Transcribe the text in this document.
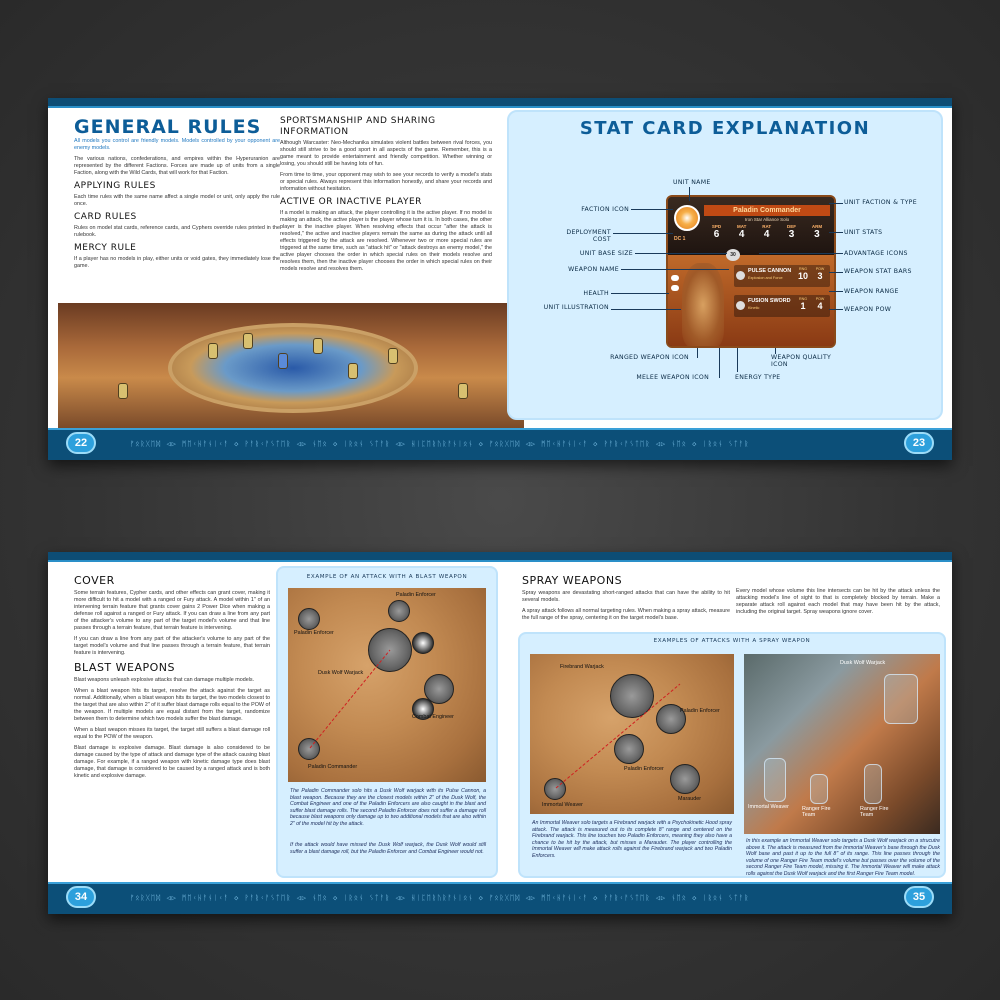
GENERAL RULES

All models you control are friendly models. Models controlled by your opponent are enemy models.

The various nations, confederations, and empires within the Hyperuranion are represented by the different Factions. Forces are made up of units from a single Faction, along with the Wild Cards, that will work for that Faction.

APPLYING RULES

Each time rules with the same name affect a single model or unit, only apply the rule once.

CARD RULES

Rules on model stat cards, reference cards, and Cyphers override rules printed in the rulebook.

MERCY RULE

If a player has no models in play, either units or void gates, they immediately lose the game.

SPORTSMANSHIP AND SHARING INFORMATION

Although Warcaster: Neo-Mechanika simulates violent battles between rival forces, you should still strive to be a good sport in all aspects of the game. Remember, this is a game meant to provide entertainment and friendly competition. Whether winning or losing, you should still be having lots of fun.

From time to time, your opponent may wish to see your records to verify a model's stats or special rules. Always represent this information honestly, and share your records and information without hesitation.

ACTIVE OR INACTIVE PLAYER

If a model is making an attack, the player controlling it is the active player. If no model is making an attack, the active player is the player whose turn it is. In both cases, the other player is the inactive player. When resolving effects that occur "after the attack is resolved," the active and inactive players remain the same as during the attack until all effects triggered by the attack are resolved. Whenever two or more special rules are triggered at the same time, such as "attack hit" or "attack destroys an enemy model," the active player chooses the order in which special rules on their models resolve and resolves them, then the inactive player chooses the order in which special rules on their models resolve and resolves them.

STAT CARD EXPLANATION
Paladin Commander
Iron Star Alliance Solo
SPD
6
MAT
4
RAT
4
DEF
3
ARM
3
DC 1
30
PULSE CANNON
Explosion and Force
RNG
10
POW
3
FUSION SWORD
Kinetic
RNG
1
POW
4
FACTION ICON
DEPLOYMENT COST
UNIT BASE SIZE
WEAPON NAME
HEALTH
UNIT ILLUSTRATION
UNIT NAME
RANGED WEAPON ICON
MELEE WEAPON ICON	ENERGY TYPE
WEAPON QUALITY ICON
UNIT FACTION & TYPE
UNIT STATS
ADVANTAGE ICONS
WEAPON STAT BARS
WEAPON RANGE
WEAPON POW
ᚠᛟᚱᚷᛖᛞ ◁▷ ᛗᛖᚲᚺᚨᚾᛁᚲᚨ ◇ ᚹᚨᚱᚲᚨᛊᛏᛖᚱ ◁▷ ᚾᛖᛟ ◇ ᛁᚱᛟᚾ ᛊᛏᚨᚱ ◁▷ ᚺᛁᛈᛖᚱᚢᚱᚨᚾᛁᛟᚾ ◇ ᚠᛟᚱᚷᛖᛞ ◁▷ ᛗᛖᚲᚺᚨᚾᛁᚲᚨ ◇ ᚹᚨᚱᚲᚨᛊᛏᛖᚱ ◁▷ ᚾᛖᛟ ◇ ᛁᚱᛟᚾ ᛊᛏᚨᚱ
22	23
COVER

Some terrain features, Cypher cards, and other effects can grant cover, making it more difficult to hit a model with a ranged or Fury attack. A model within 1" of an intervening terrain feature that grants cover gains 2 Power Dice when making a defense roll against a ranged or Fury attack. If you can draw a line from any part of the attacker's volume to any part of the target model's volume and that line passes through a terrain feature, that terrain feature is intervening.

If you can draw a line from any part of the attacker's volume to any part of the target model's volume and that line passes through a terrain feature, that terrain feature is intervening.

BLAST WEAPONS

Blast weapons unleash explosive attacks that can damage multiple models.

When a blast weapon hits its target, resolve the attack against the target as normal. Additionally, when a blast weapon hits its target, the two models closest to the target that are also within 2" of it suffer blast damage rolls equal to the POW of the weapon. If multiple models are equal distant from the target, randomize between them to determine which two models suffer the blast damage.

When a blast weapon misses its target, the target still suffers a blast damage roll equal to the POW of the weapon.

Blast damage is explosive damage. Blast damage is also considered to be damage caused by the type of attack and damage type of the attack causing blast damage. For example, if a ranged weapon with kinetic damage type does blast damage, that damage is considered to be caused by a ranged attack and is both kinetic and explosive damage.

EXAMPLE OF AN ATTACK WITH A BLAST WEAPON
Paladin Enforcer
Paladin Enforcer
Dusk Wolf Warjack
Combat Engineer
Paladin Commander
The Paladin Commander solo hits a Dusk Wolf warjack with its Pulse Cannon, a blast weapon. Because they are the closest models within 2" of the Dusk Wolf, the Combat Engineer and one of the Paladin Enforcers are also caught in the blast and suffer blast damage rolls. The second Paladin Enforcer does not suffer a damage roll because blast weapons only damage up to two additional models that are also within 2" of the model hit by the attack.
If the attack would have missed the Dusk Wolf warjack, the Dusk Wolf would still suffer a blast damage roll, but the Paladin Enforcer and Combat Engineer would not.
SPRAY WEAPONS

Spray weapons are devastating short-ranged attacks that can have the ability to hit several models.

A spray attack follows all normal targeting rules. When making a spray attack, measure the full range of the spray, centering it on the target model's base.

Every model whose volume this line intersects can be hit by the attack unless the attacking model's line of sight to that is completely blocked by terrain. Make a separate attack roll against each model that may have been hit by the attack, including the original target. Spray weapons ignore cover.

EXAMPLES OF ATTACKS WITH A SPRAY WEAPON
Firebrand Warjack
Paladin Enforcer
Paladin Enforcer
Marauder
Immortal Weaver
An Immortal Weaver solo targets a Firebrand warjack with a Psychokinetic Hood spray attack. The attack is measured out to its complete 8" range and centered on the Firebrand warjack. This line touches two Paladin Enforcers, meaning they also have a chance to be hit by the attack, but misses a Marauder. The player controlling the Immortal Weaver will make attack rolls against the Firebrand warjack and two Paladin Enforcers.
Dusk Wolf Warjack
Immortal Weaver Ranger Fire Team
Ranger Fire Team
In this example an Immortal Weaver solo targets a Dusk Wolf warjack on a strucutre above it. The attack is measured from the Immortal Weaver's base through the Dusk Wolf base and past it up to the full 8" of its range. This line passes through the volume of one Ranger Fire Team model's volume but passes over the volume of the second Ranger Fire Team model, missing it. The Immortal Weaver will make attack rolls against the Dusk Wolf warjack and the first Ranger Fire Team model.
ᚠᛟᚱᚷᛖᛞ ◁▷ ᛗᛖᚲᚺᚨᚾᛁᚲᚨ ◇ ᚹᚨᚱᚲᚨᛊᛏᛖᚱ ◁▷ ᚾᛖᛟ ◇ ᛁᚱᛟᚾ ᛊᛏᚨᚱ ◁▷ ᚺᛁᛈᛖᚱᚢᚱᚨᚾᛁᛟᚾ ◇ ᚠᛟᚱᚷᛖᛞ ◁▷ ᛗᛖᚲᚺᚨᚾᛁᚲᚨ ◇ ᚹᚨᚱᚲᚨᛊᛏᛖᚱ ◁▷ ᚾᛖᛟ ◇ ᛁᚱᛟᚾ ᛊᛏᚨᚱ
34	35
